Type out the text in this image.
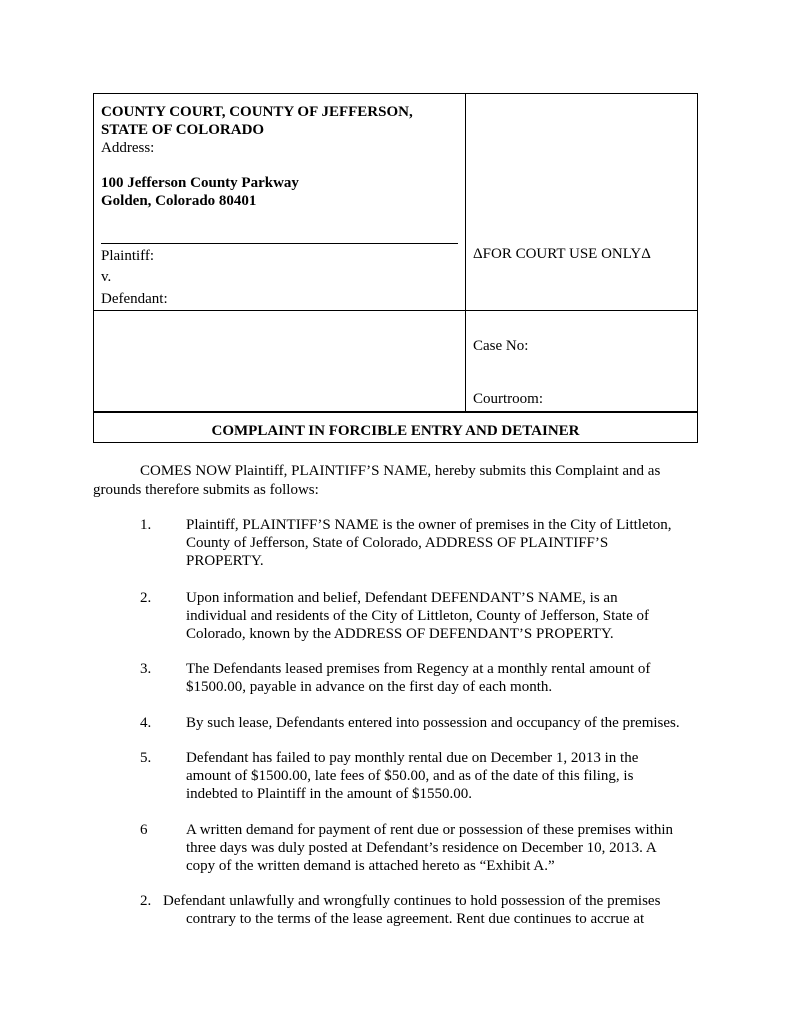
COUNTY COURT, COUNTY OF JEFFERSON,
STATE OF COLORADO
Address:
100 Jefferson County Parkway
Golden, Colorado 80401
Plaintiff:
v.
Defendant:
ΔFOR COURT USE ONLYΔ
Case No:
Courtroom:
COMPLAINT IN FORCIBLE ENTRY AND DETAINER
COMES NOW Plaintiff, PLAINTIFF’S NAME, hereby submits this Complaint and as
grounds therefore submits as follows:
1. Plaintiff, PLAINTIFF’S NAME is the owner of premises in the City of Littleton,
County of Jefferson, State of Colorado, ADDRESS OF PLAINTIFF’S
PROPERTY.
2. Upon information and belief, Defendant DEFENDANT’S NAME, is an
individual and residents of the City of Littleton, County of Jefferson, State of
Colorado, known by the ADDRESS OF DEFENDANT’S PROPERTY.
3. The Defendants leased premises from Regency at a monthly rental amount of
$1500.00, payable in advance on the first day of each month.
4. By such lease, Defendants entered into possession and occupancy of the premises.
5. Defendant has failed to pay monthly rental due on December 1, 2013 in the
amount of $1500.00, late fees of $50.00, and as of the date of this filing, is
indebted to Plaintiff in the amount of $1550.00.
6	A written demand for payment of rent due or possession of these premises within
three days was duly posted at Defendant’s residence on December 10, 2013. A
copy of the written demand is attached hereto as “Exhibit A.”
2. Defendant unlawfully and wrongfully continues to hold possession of the premises
contrary to the terms of the lease agreement. Rent due continues to accrue at
